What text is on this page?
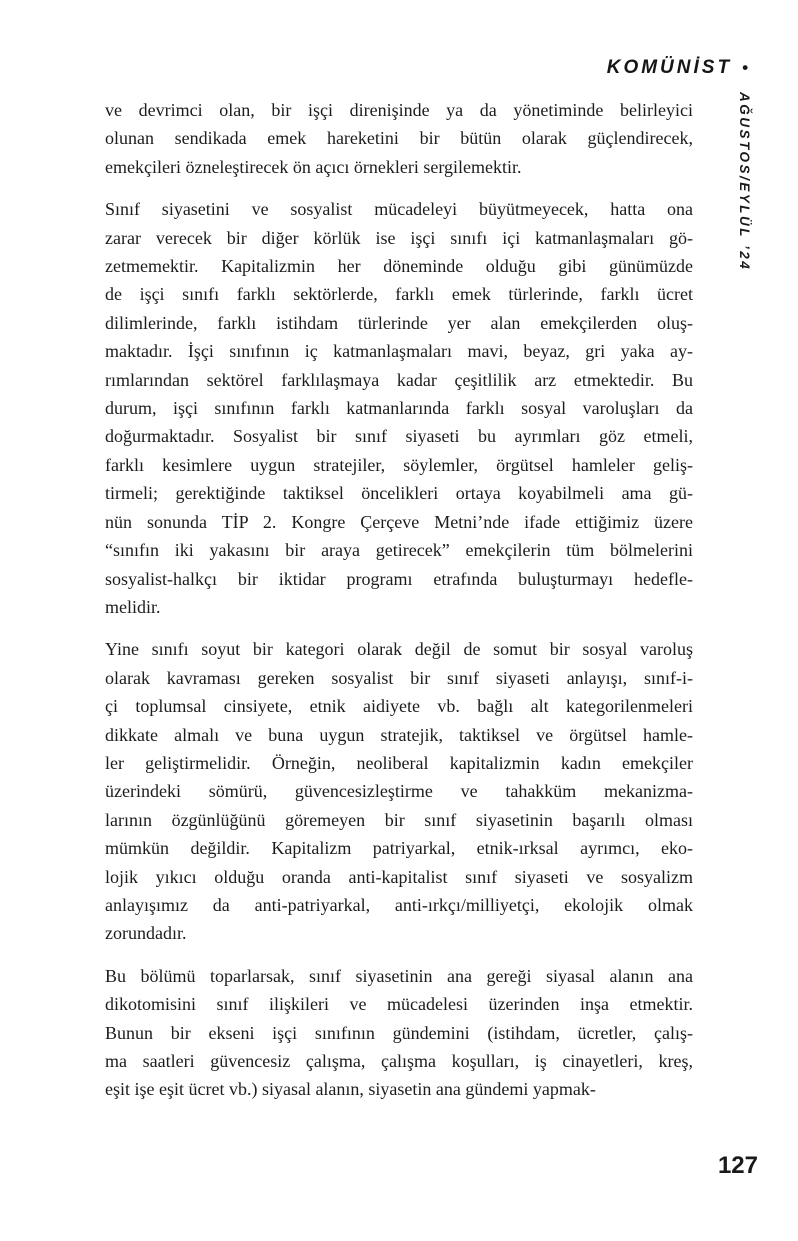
KOMÜNİST •
AĞUSTOS/EYLÜL ’24

ve devrimci olan, bir işçi direnişinde ya da yönetiminde belirleyici
olunan sendikada emek hareketini bir bütün olarak güçlendirecek,
emekçileri özneleştirecek ön açıcı örnekleri sergilemektir.

Sınıf siyasetini ve sosyalist mücadeleyi büyütmeyecek, hatta ona
zarar verecek bir diğer körlük ise işçi sınıfı içi katmanlaşmaları gö-
zetmemektir. Kapitalizmin her döneminde olduğu gibi günümüzde
de işçi sınıfı farklı sektörlerde, farklı emek türlerinde, farklı ücret
dilimlerinde, farklı istihdam türlerinde yer alan emekçilerden oluş-
maktadır. İşçi sınıfının iç katmanlaşmaları mavi, beyaz, gri yaka ay-
rımlarından sektörel farklılaşmaya kadar çeşitlilik arz etmektedir. Bu
durum, işçi sınıfının farklı katmanlarında farklı sosyal varoluşları da
doğurmaktadır. Sosyalist bir sınıf siyaseti bu ayrımları göz etmeli,
farklı kesimlere uygun stratejiler, söylemler, örgütsel hamleler geliş-
tirmeli; gerektiğinde taktiksel öncelikleri ortaya koyabilmeli ama gü-
nün sonunda TİP 2. Kongre Çerçeve Metni’nde ifade ettiğimiz üzere
“sınıfın iki yakasını bir araya getirecek” emekçilerin tüm bölmelerini
sosyalist-halkçı bir iktidar programı etrafında buluşturmayı hedefle-
melidir.

Yine sınıfı soyut bir kategori olarak değil de somut bir sosyal varoluş
olarak kavraması gereken sosyalist bir sınıf siyaseti anlayışı, sınıf-i-
çi toplumsal cinsiyete, etnik aidiyete vb. bağlı alt kategorilenmeleri
dikkate almalı ve buna uygun stratejik, taktiksel ve örgütsel hamle-
ler geliştirmelidir. Örneğin, neoliberal kapitalizmin kadın emekçiler
üzerindeki sömürü, güvencesizleştirme ve tahakküm mekanizma-
larının özgünlüğünü göremeyen bir sınıf siyasetinin başarılı olması
mümkün değildir. Kapitalizm patriyarkal, etnik-ırksal ayrımcı, eko-
lojik yıkıcı olduğu oranda anti-kapitalist sınıf siyaseti ve sosyalizm
anlayışımız da anti-patriyarkal, anti-ırkçı/milliyetçi, ekolojik olmak
zorundadır.

Bu bölümü toparlarsak, sınıf siyasetinin ana gereği siyasal alanın ana
dikotomisini sınıf ilişkileri ve mücadelesi üzerinden inşa etmektir.
Bunun bir ekseni işçi sınıfının gündemini (istihdam, ücretler, çalış-
ma saatleri güvencesiz çalışma, çalışma koşulları, iş cinayetleri, kreş,
eşit işe eşit ücret vb.) siyasal alanın, siyasetin ana gündemi yapmak-

127
